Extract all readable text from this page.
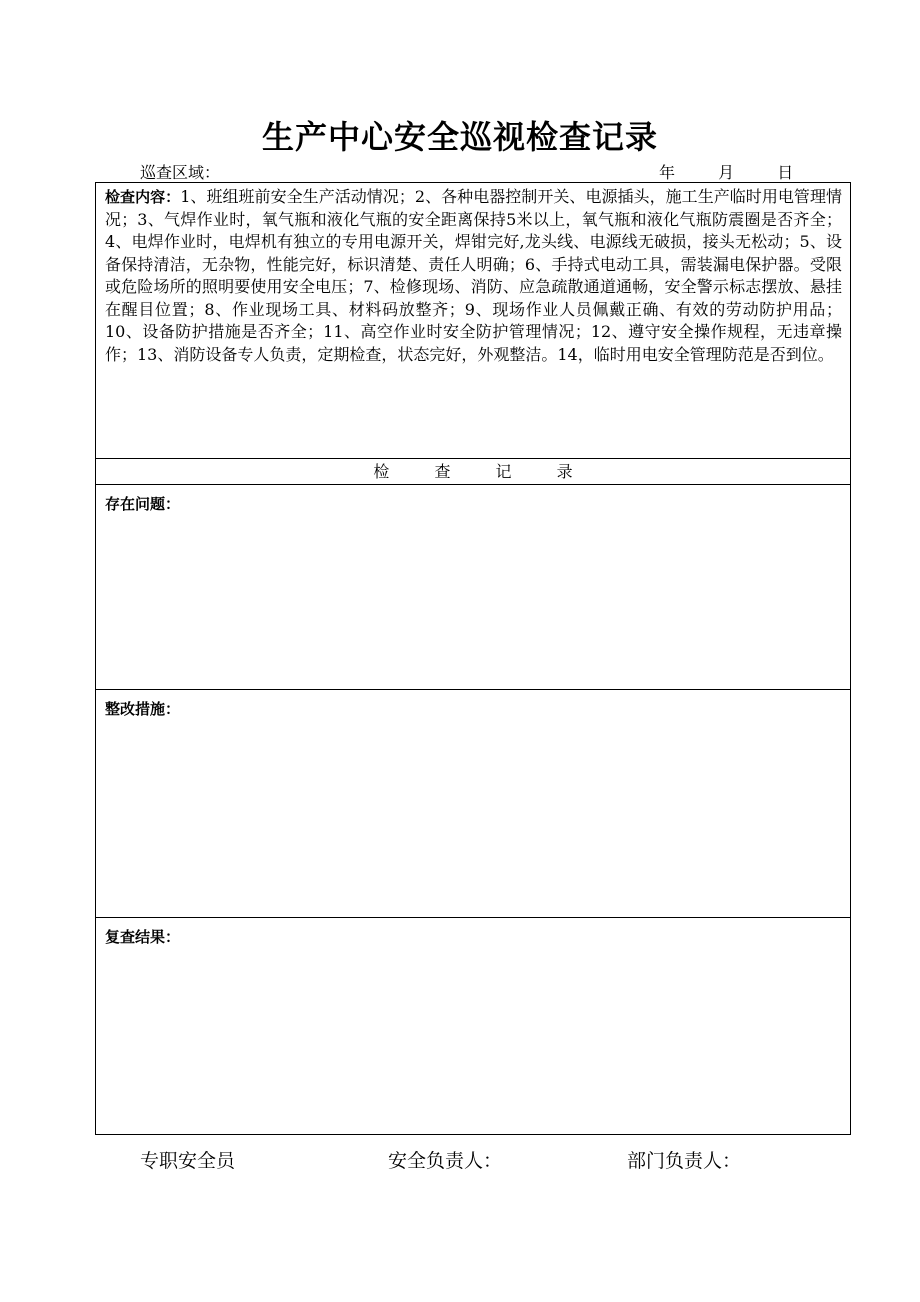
生产中心安全巡视检查记录
巡查区域：	年	月	日
检查内容：1、班组班前安全生产活动情况；2、各种电器控制开关、电源插头，施工生产临时用电管理情况；3、气焊作业时，氧气瓶和液化气瓶的安全距离保持5米以上，氧气瓶和液化气瓶防震圈是否齐全；4、电焊作业时，电焊机有独立的专用电源开关，焊钳完好,龙头线、电源线无破损，接头无松动；5、设备保持清洁，无杂物，性能完好，标识清楚、责任人明确；6、手持式电动工具，需装漏电保护器。受限或危险场所的照明要使用安全电压；7、检修现场、消防、应急疏散通道通畅，安全警示标志摆放、悬挂在醒目位置；8、作业现场工具、材料码放整齐；9、现场作业人员佩戴正确、有效的劳动防护用品；10、设备防护措施是否齐全；11、高空作业时安全防护管理情况；12、遵守安全操作规程，无违章操作；13、消防设备专人负责，定期检查，状态完好，外观整洁。14，临时用电安全管理防范是否到位。
检	查	记	录
存在问题：
整改措施：
复查结果：
专职安全员	安全负责人：	部门负责人：
